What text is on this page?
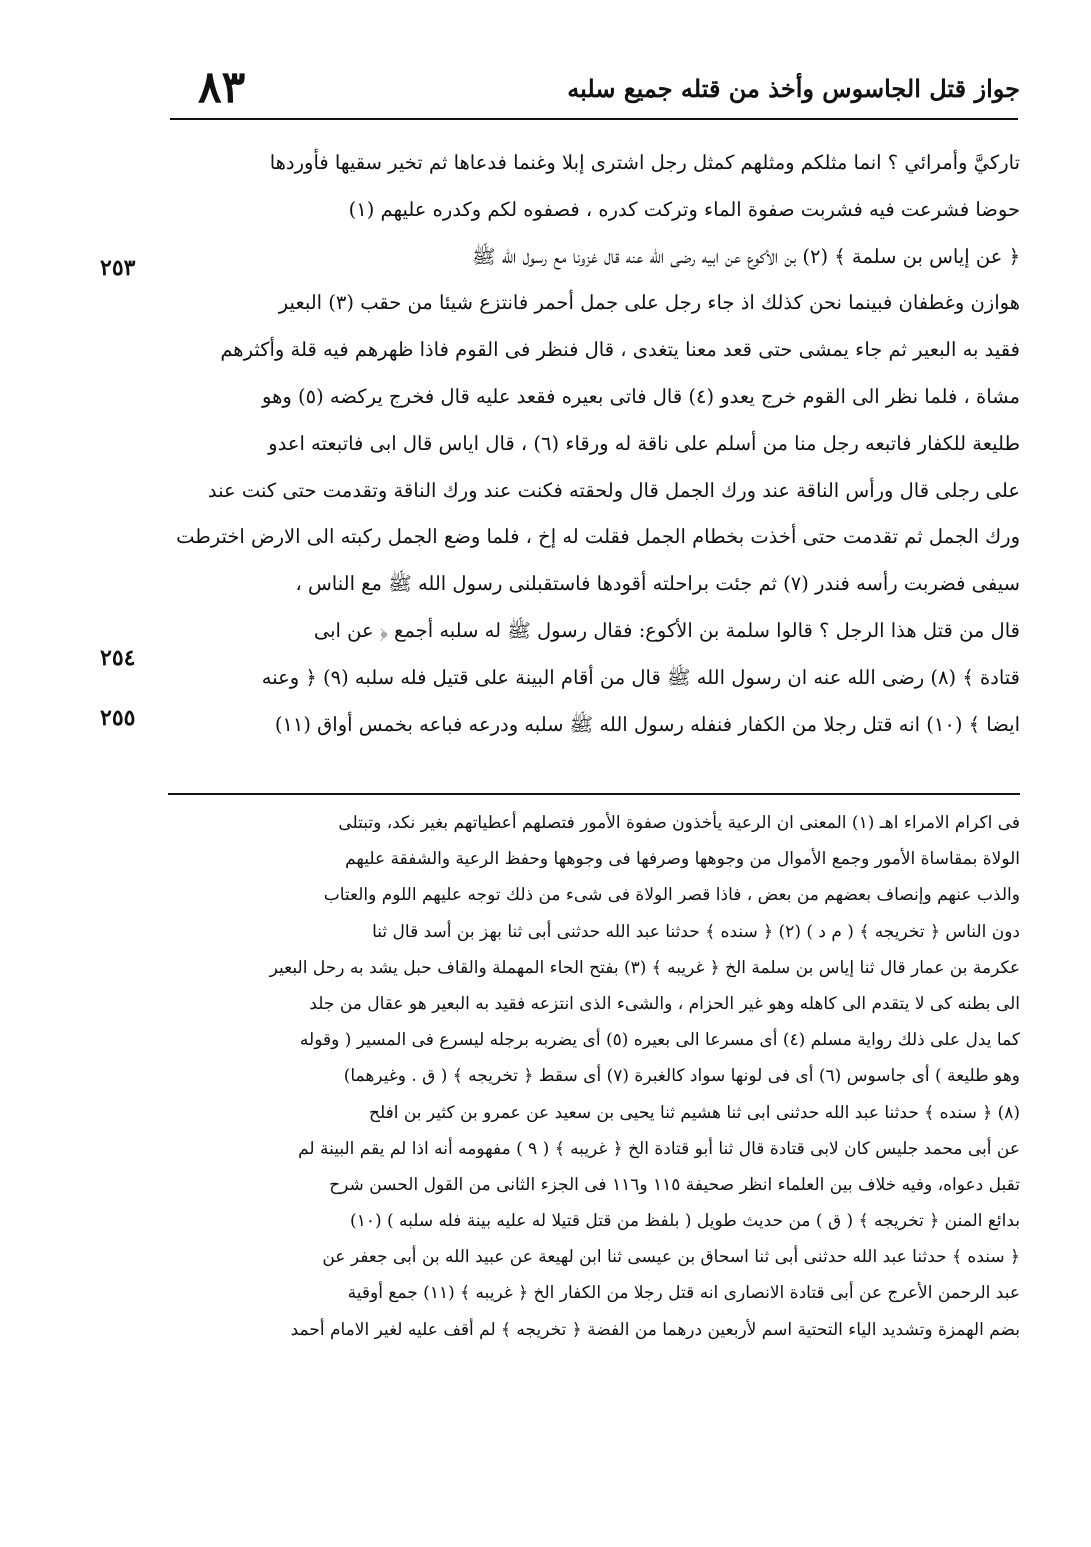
٨٣	جواز قتل الجاسوس وأخذ من قتله جميع سلبه
٢٥٣
٢٥٤
٢٥٥
تاركيَّ وأمرائي ؟ انما مثلكم ومثلهم كمثل رجل اشترى إبلا وغنما فدعاها ثم تخير سقيها فأوردها
حوضا فشرعت فيه فشربت صفوة الماء وتركت كدره ، فصفوه لكم وكدره عليهم (١)
﴿ عن إياس بن سلمة ﴾ (٢) بن الأكوع عن ابيه رضى الله عنه قال غزونا مع رسول الله ﷺ
هوازن وغطفان فبينما نحن كذلك اذ جاء رجل على جمل أحمر فانتزع شيئا من حقب (٣) البعير
فقيد به البعير ثم جاء يمشى حتى قعد معنا يتغدى ، قال فنظر فى القوم فاذا ظهرهم فيه قلة وأكثرهم
مشاة ، فلما نظر الى القوم خرج يعدو (٤) قال فاتى بعيره فقعد عليه قال فخرج يركضه (٥) وهو
طليعة للكفار فاتبعه رجل منا من أسلم على ناقة له ورقاء (٦) ، قال اياس قال ابى فاتبعته اعدو
على رجلى قال ورأس الناقة عند ورك الجمل قال ولحقته فكنت عند ورك الناقة وتقدمت حتى كنت عند
ورك الجمل ثم تقدمت حتى أخذت بخطام الجمل فقلت له إخ ، فلما وضع الجمل ركبته الى الارض اخترطت
سيفى فضربت رأسه فندر (٧) ثم جئت براحلته أقودها فاستقبلنى رسول الله ﷺ مع الناس ،
قال من قتل هذا الرجل ؟ قالوا سلمة بن الأكوع: فقال رسول ﷺ له سلبه أجمع ﴿ عن ابى
قتادة ﴾ (٨) رضى الله عنه ان رسول الله ﷺ قال من أقام البينة على قتيل فله سلبه (٩) ﴿ وعنه
ايضا ﴾ (١٠) انه قتل رجلا من الكفار فنفله رسول الله ﷺ سلبه ودرعه فباعه بخمس أواق (١١)
فى اكرام الامراء اهـ (١) المعنى ان الرعية يأخذون صفوة الأمور فتصلهم أعطياتهم بغير نكد، وتبتلى
الولاة بمقاساة الأمور وجمع الأموال من وجوهها وصرفها فى وجوهها وحفظ الرعية والشفقة عليهم
والذب عنهم وإنصاف بعضهم من بعض ، فاذا قصر الولاة فى شىء من ذلك توجه عليهم اللوم والعتاب
دون الناس ﴿ تخريجه ﴾ ( م د ) (٢) ﴿ سنده ﴾ حدثنا عبد الله حدثنى أبى ثنا بهز بن أسد قال ثنا
عكرمة بن عمار قال ثنا إياس بن سلمة الخ ﴿ غريبه ﴾ (٣) بفتح الحاء المهملة والقاف حبل يشد به رحل البعير
الى بطنه كى لا يتقدم الى كاهله وهو غير الحزام ، والشىء الذى انتزعه فقيد به البعير هو عقال من جلد
كما يدل على ذلك رواية مسلم (٤) أى مسرعا الى بعيره (٥) أى يضربه برجله ليسرع فى المسير ( وقوله
وهو طليعة ) أى جاسوس (٦) أى فى لونها سواد كالغبرة (٧) أى سقط ﴿ تخريجه ﴾ ( ق . وغيرهما)
(٨) ﴿ سنده ﴾ حدثنا عبد الله حدثنى ابى ثنا هشيم ثنا يحيى بن سعيد عن عمرو بن كثير بن افلح
عن أبى محمد جليس كان لابى قتادة قال ثنا أبو قتادة الخ ﴿ غريبه ﴾ ( ٩ ) مفهومه أنه اذا لم يقم البينة لم
تقبل دعواه، وفيه خلاف بين العلماء انظر صحيفة ١١٥ و١١٦ فى الجزء الثانى من القول الحسن شرح
بدائع المنن ﴿ تخريجه ﴾ ( ق ) من حديث طويل ( بلفظ من قتل قتيلا له عليه بينة فله سلبه ) (١٠)
﴿ سنده ﴾ حدثنا عبد الله حدثنى أبى ثنا اسحاق بن عيسى ثنا ابن لهيعة عن عبيد الله بن أبى جعفر عن
عبد الرحمن الأعرج عن أبى قتادة الانصارى انه قتل رجلا من الكفار الخ ﴿ غريبه ﴾ (١١) جمع أوقية
بضم الهمزة وتشديد الياء التحتية اسم لأربعين درهما من الفضة ﴿ تخريجه ﴾ لم أقف عليه لغير الامام أحمد
